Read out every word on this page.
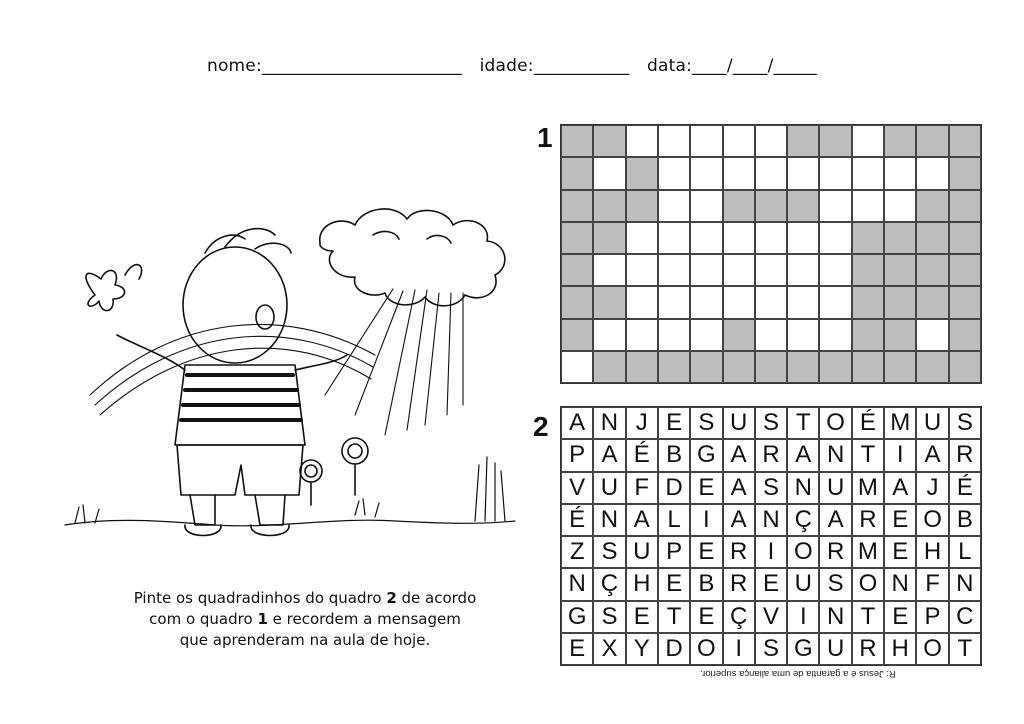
nome:_______________________ idade:___________ data:____/____/_____
1
2 A N J E S U S T O É M U S
P A É B G A R A N T I A R
V U F D E A S N U M A J É
É N A L I A N Ç A R E O B
Z S U P E R I O R M E H L
N Ç H E B R E U S O N F N
G S E T E Ç V I N T E P C
E X Y D O I S G U R H O T
Pinte os quadradinhos do quadro 2 de acordo
com o quadro 1 e recordem a mensagem
que aprenderam na aula de hoje.
R: Jesus é a garantia de uma aliança superior.
